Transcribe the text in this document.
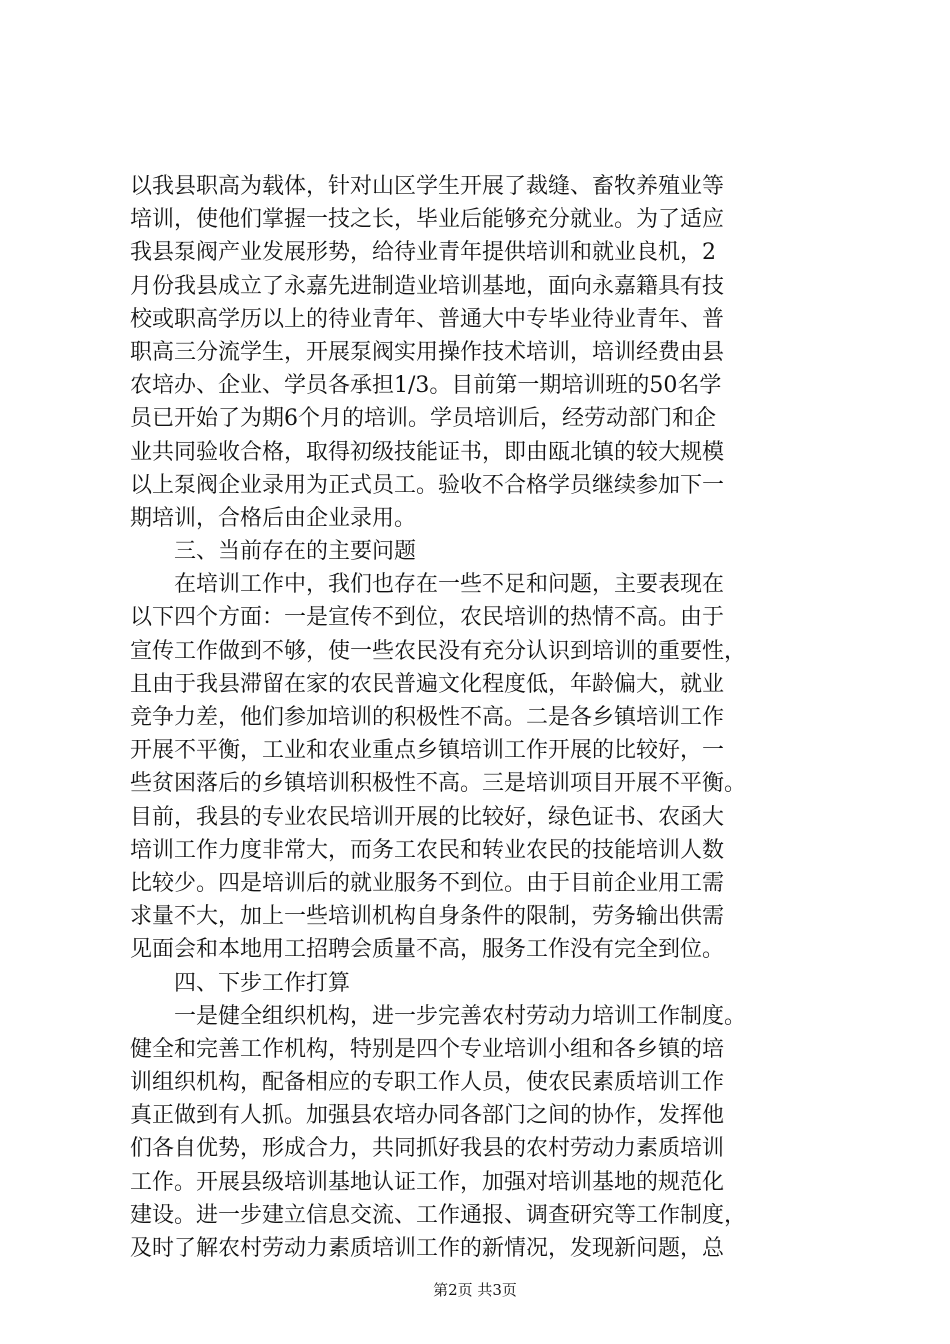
以我县职高为载体，针对山区学生开展了裁缝、畜牧养殖业等
培训，使他们掌握一技之长，毕业后能够充分就业。为了适应
我县泵阀产业发展形势，给待业青年提供培训和就业良机，2
月份我县成立了永嘉先进制造业培训基地，面向永嘉籍具有技
校或职高学历以上的待业青年、普通大中专毕业待业青年、普
职高三分流学生，开展泵阀实用操作技术培训，培训经费由县
农培办、企业、学员各承担1/3。目前第一期培训班的50名学
员已开始了为期6个月的培训。学员培训后，经劳动部门和企
业共同验收合格，取得初级技能证书，即由瓯北镇的较大规模
以上泵阀企业录用为正式员工。验收不合格学员继续参加下一
期培训，合格后由企业录用。
　　三、当前存在的主要问题
　　在培训工作中，我们也存在一些不足和问题，主要表现在
以下四个方面：一是宣传不到位，农民培训的热情不高。由于
宣传工作做到不够，使一些农民没有充分认识到培训的重要性，
且由于我县滞留在家的农民普遍文化程度低，年龄偏大，就业
竞争力差，他们参加培训的积极性不高。二是各乡镇培训工作
开展不平衡，工业和农业重点乡镇培训工作开展的比较好，一
些贫困落后的乡镇培训积极性不高。三是培训项目开展不平衡。
目前，我县的专业农民培训开展的比较好，绿色证书、农函大
培训工作力度非常大，而务工农民和转业农民的技能培训人数
比较少。四是培训后的就业服务不到位。由于目前企业用工需
求量不大，加上一些培训机构自身条件的限制，劳务输出供需
见面会和本地用工招聘会质量不高，服务工作没有完全到位。
　　四、下步工作打算
　　一是健全组织机构，进一步完善农村劳动力培训工作制度。
健全和完善工作机构，特别是四个专业培训小组和各乡镇的培
训组织机构，配备相应的专职工作人员，使农民素质培训工作
真正做到有人抓。加强县农培办同各部门之间的协作，发挥他
们各自优势，形成合力，共同抓好我县的农村劳动力素质培训
工作。开展县级培训基地认证工作，加强对培训基地的规范化
建设。进一步建立信息交流、工作通报、调查研究等工作制度，
及时了解农村劳动力素质培训工作的新情况，发现新问题，总
第2页 共3页
